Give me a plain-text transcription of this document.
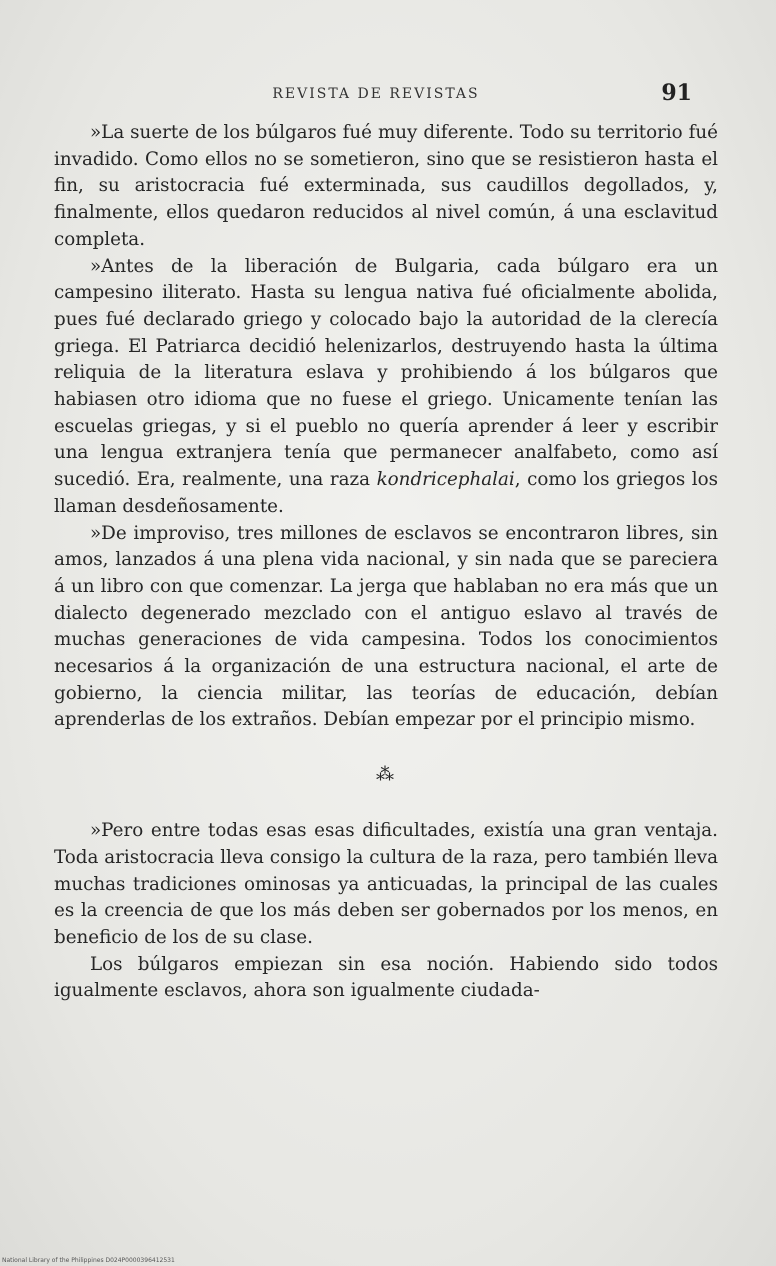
REVISTA DE REVISTAS	91

»La suerte de los búlgaros fué muy diferente. Todo su territorio fué invadido. Como ellos no se sometieron, sino que se resistieron hasta el fin, su aristocracia fué exterminada, sus caudillos degollados, y, finalmente, ellos quedaron reducidos al nivel común, á una esclavitud completa.

»Antes de la liberación de Bulgaria, cada búlgaro era un campesino iliterato. Hasta su lengua nativa fué oficialmente abolida, pues fué declarado griego y colocado bajo la autoridad de la clerecía griega. El Patriarca decidió helenizarlos, destruyendo hasta la última reliquia de la literatura eslava y prohibiendo á los búlgaros que habiasen otro idioma que no fuese el griego. Unicamente tenían las escuelas griegas, y si el pueblo no quería aprender á leer y escribir una lengua extranjera tenía que permanecer analfabeto, como así sucedió. Era, realmente, una raza kondricephalai, como los griegos los llaman desdeñosamente.

»De improviso, tres millones de esclavos se encontraron libres, sin amos, lanzados á una plena vida nacional, y sin nada que se pareciera á un libro con que comenzar. La jerga que hablaban no era más que un dialecto degenerado mezclado con el antiguo eslavo al través de muchas generaciones de vida campesina. Todos los conocimientos necesarios á la organización de una estructura nacional, el arte de gobierno, la ciencia militar, las teorías de educación, debían aprenderlas de los extraños. Debían empezar por el principio mismo.

⁂

»Pero entre todas esas esas dificultades, existía una gran ventaja. Toda aristocracia lleva consigo la cultura de la raza, pero también lleva muchas tradiciones ominosas ya anticuadas, la principal de las cuales es la creencia de que los más deben ser gobernados por los menos, en beneficio de los de su clase.

Los búlgaros empiezan sin esa noción. Habiendo sido todos igualmente esclavos, ahora son igualmente ciudada-

National Library of the Philippines D024P0000396412531
